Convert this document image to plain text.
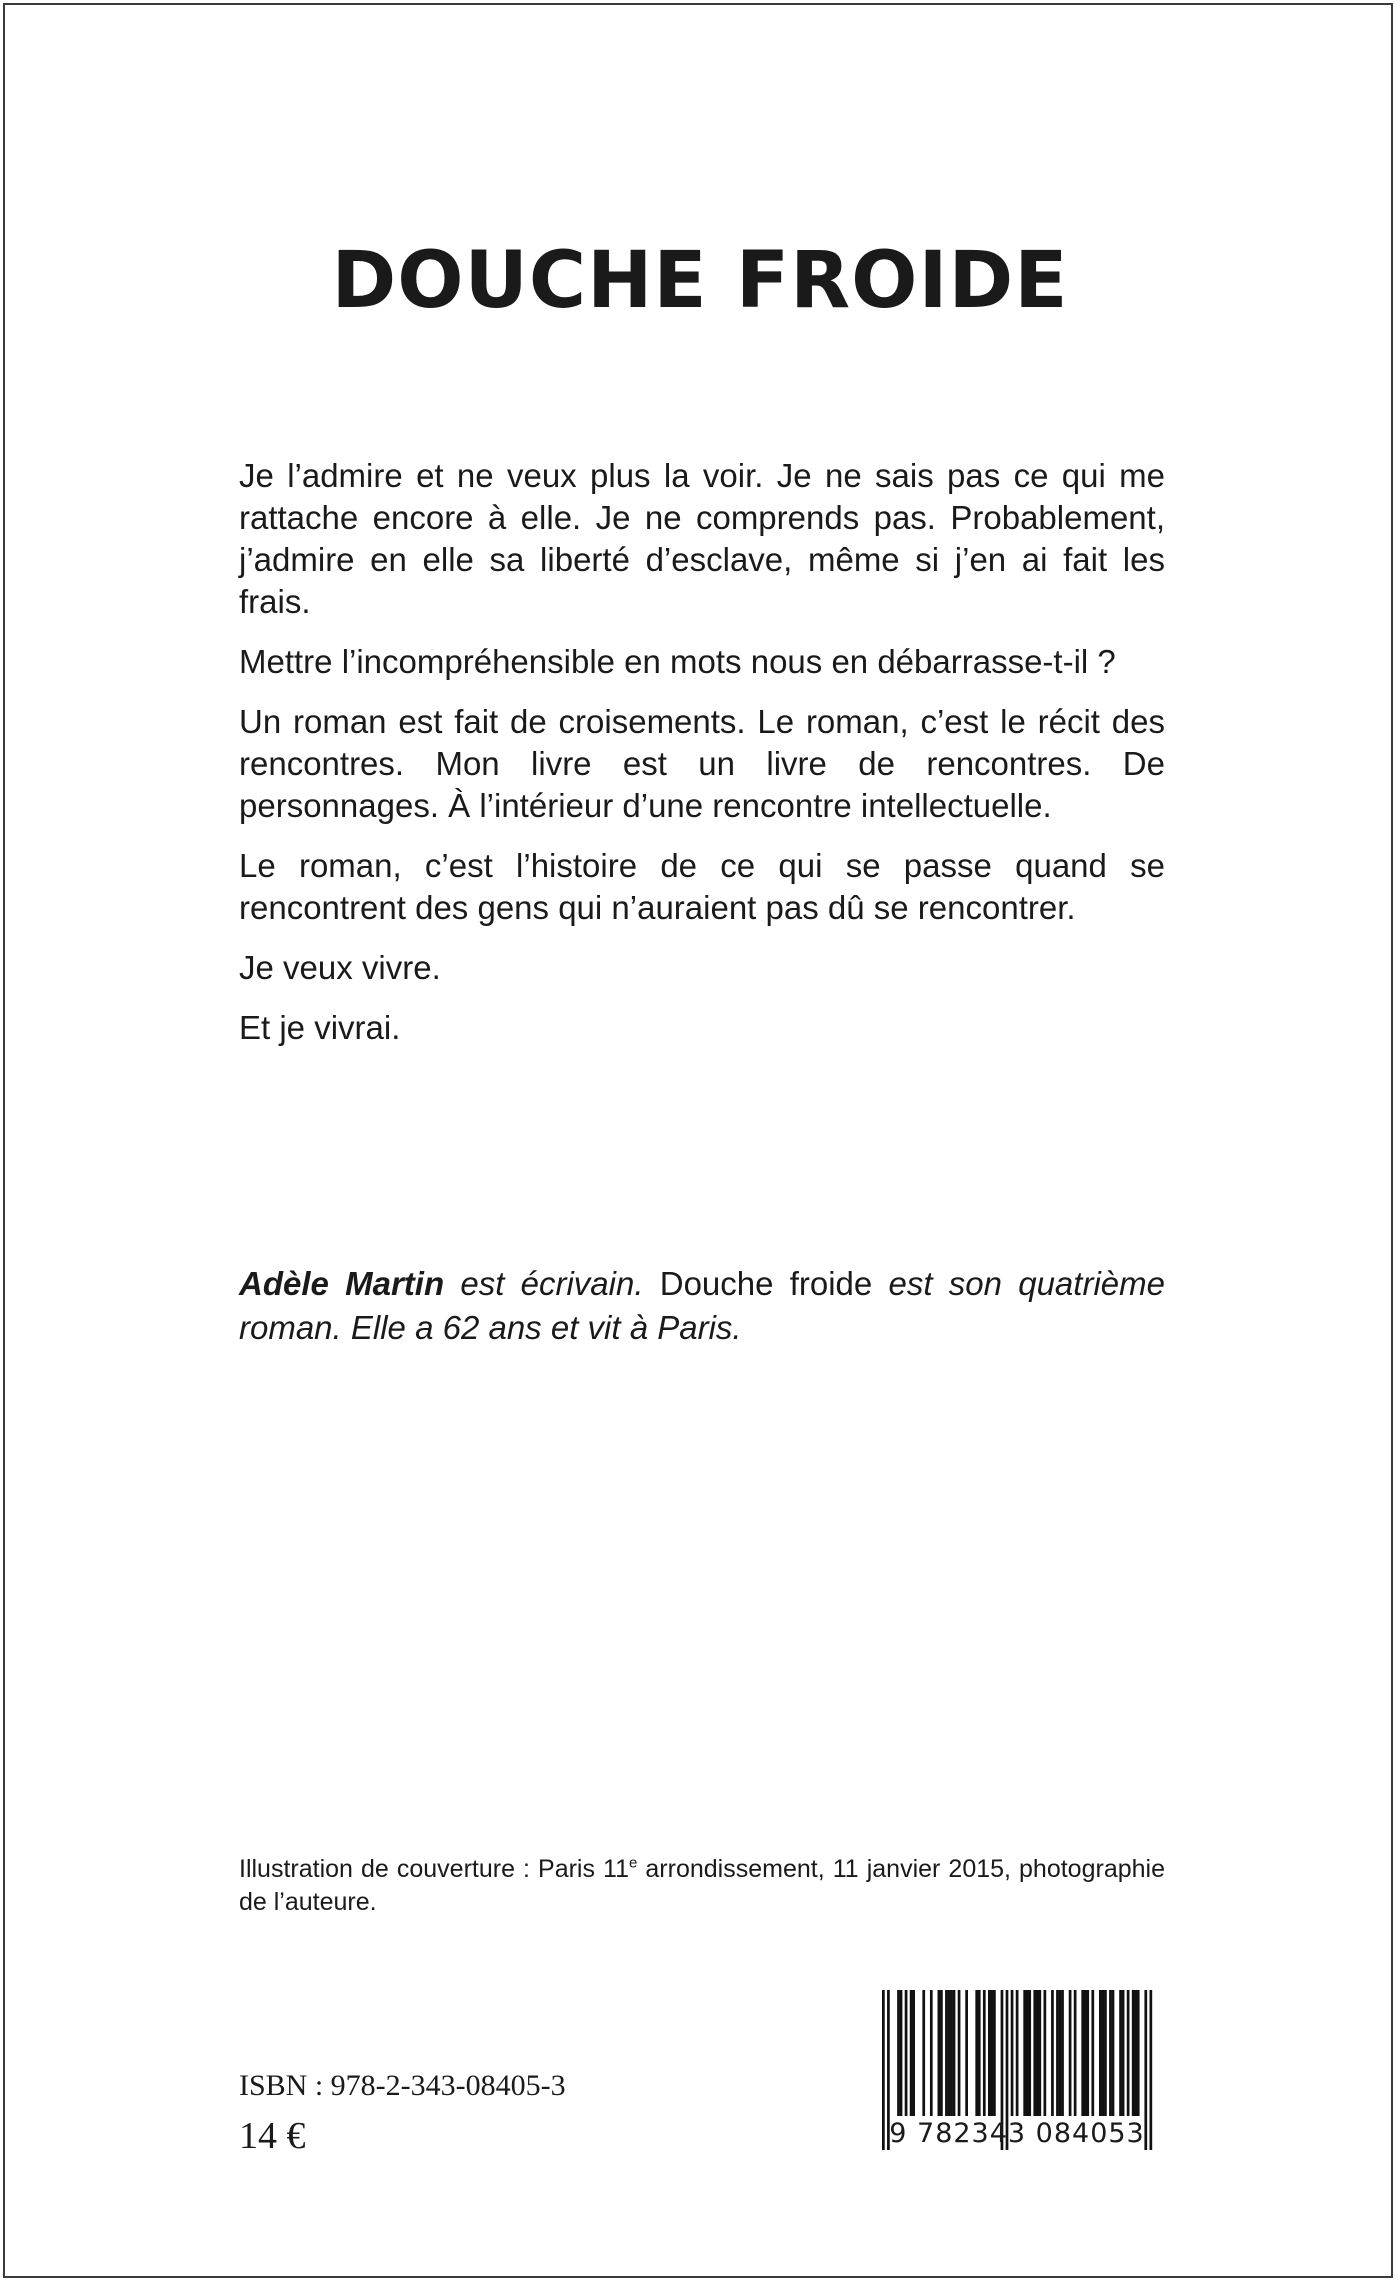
DOUCHE FROIDE

Je l’admire et ne veux plus la voir. Je ne sais pas ce qui me rattache encore à elle. Je ne comprends pas. Probablement, j’admire en elle sa liberté d’esclave, même si j’en ai fait les frais.

Mettre l’incompréhensible en mots nous en débarrasse-t-il ?

Un roman est fait de croisements. Le roman, c’est le récit des rencontres. Mon livre est un livre de rencontres. De personnages. À l’intérieur d’une rencontre intellectuelle.

Le roman, c’est l’histoire de ce qui se passe quand se rencontrent des gens qui n’auraient pas dû se rencontrer.

Je veux vivre.

Et je vivrai.

Adèle Martin est écrivain. Douche froide est son quatrième roman. Elle a 62 ans et vit à Paris.
Illustration de couverture : Paris 11e arrondissement, 11 janvier 2015, photographie de l’auteure.
ISBN : 978-2-343-08405-3
14 €	9 782343 084053
